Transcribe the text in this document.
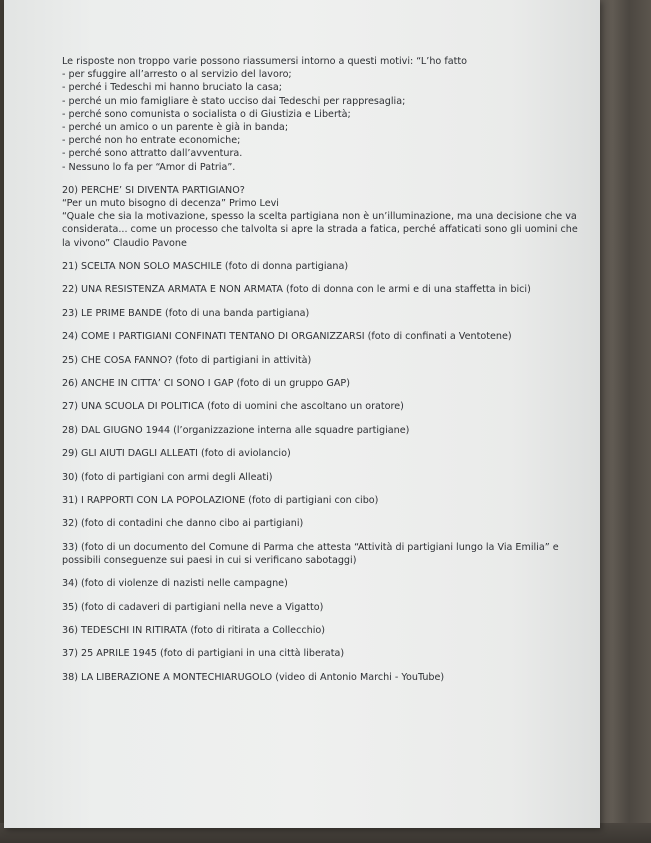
Le risposte non troppo varie possono riassumersi intorno a questi motivi: “L’ho fatto
- per sfuggire all’arresto o al servizio del lavoro;
- perché i Tedeschi mi hanno bruciato la casa;
- perché un mio famigliare è stato ucciso dai Tedeschi per rappresaglia;
- perché sono comunista o socialista o di Giustizia e Libertà;
- perché un amico o un parente è già in banda;
- perché non ho entrate economiche;
- perché sono attratto dall’avventura.
- Nessuno lo fa per “Amor di Patria”.
20) PERCHE’ SI DIVENTA PARTIGIANO?
“Per un muto bisogno di decenza” Primo Levi
“Quale che sia la motivazione, spesso la scelta partigiana non è un’illuminazione, ma una decisione che va
considerata... come un processo che talvolta si apre la strada a fatica, perché affaticati sono gli uomini che
la vivono” Claudio Pavone
21) SCELTA NON SOLO MASCHILE (foto di donna partigiana)
22) UNA RESISTENZA ARMATA E NON ARMATA (foto di donna con le armi e di una staffetta in bici)
23) LE PRIME BANDE (foto di una banda partigiana)
24) COME I PARTIGIANI CONFINATI TENTANO DI ORGANIZZARSI (foto di confinati a Ventotene)
25) CHE COSA FANNO? (foto di partigiani in attività)
26) ANCHE IN CITTA’ CI SONO I GAP (foto di un gruppo GAP)
27) UNA SCUOLA DI POLITICA (foto di uomini che ascoltano un oratore)
28) DAL GIUGNO 1944 (l’organizzazione interna alle squadre partigiane)
29) GLI AIUTI DAGLI ALLEATI (foto di aviolancio)
30) (foto di partigiani con armi degli Alleati)
31) I RAPPORTI CON LA POPOLAZIONE (foto di partigiani con cibo)
32) (foto di contadini che danno cibo ai partigiani)
33) (foto di un documento del Comune di Parma che attesta “Attività di partigiani lungo la Via Emilia” e
possibili conseguenze sui paesi in cui si verificano sabotaggi)
34) (foto di violenze di nazisti nelle campagne)
35) (foto di cadaveri di partigiani nella neve a Vigatto)
36) TEDESCHI IN RITIRATA (foto di ritirata a Collecchio)
37) 25 APRILE 1945 (foto di partigiani in una città liberata)
38) LA LIBERAZIONE A MONTECHIARUGOLO (video di Antonio Marchi - YouTube)
